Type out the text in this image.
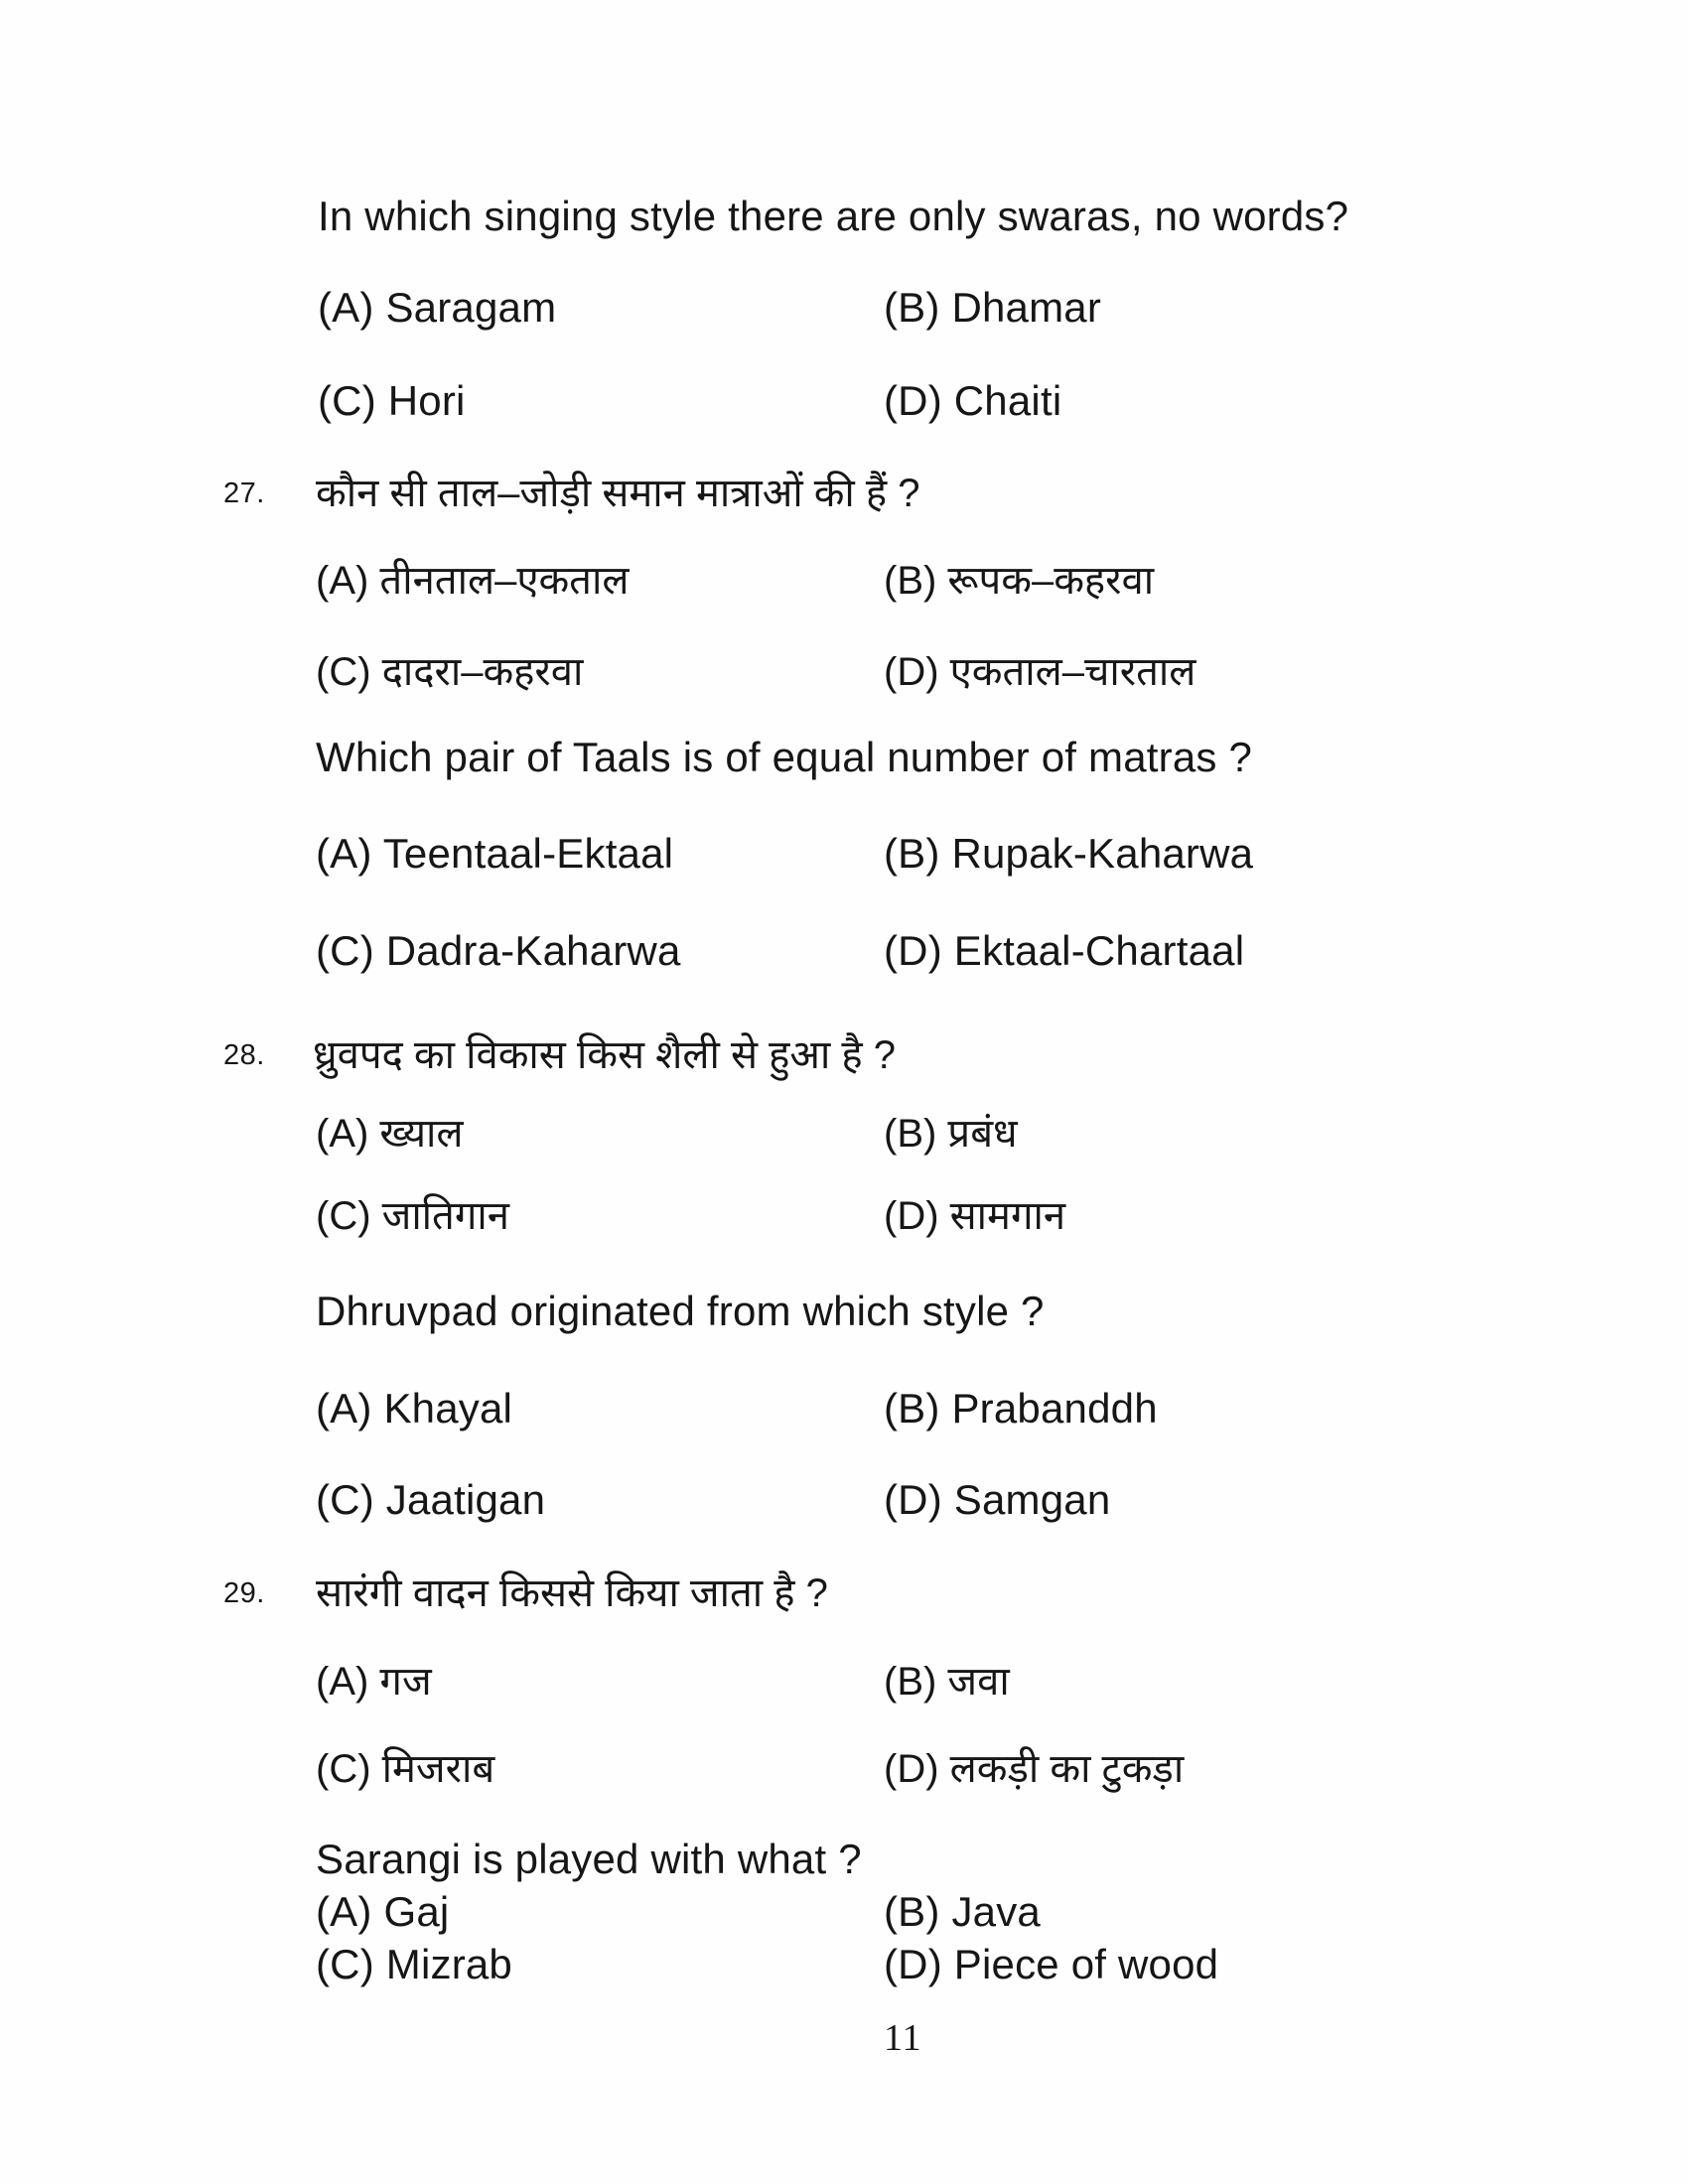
In which singing style there are only swaras, no words?
(A) Saragam	(B) Dhamar
(C) Hori	(D) Chaiti
27. कौन सी ताल–जोड़ी समान मात्राओं की हैं ?
(A) तीनताल–एकताल	(B) रूपक–कहरवा
(C) दादरा–कहरवा	(D) एकताल–चारताल
Which pair of Taals is of equal number of matras ?
(A) Teentaal-Ektaal	(B) Rupak-Kaharwa
(C) Dadra-Kaharwa	(D) Ektaal-Chartaal
28. ध्रुवपद का विकास किस शैली से हुआ है ?
(A) ख्याल	(B) प्रबंध
(C) जातिगान	(D) सामगान
Dhruvpad originated from which style ?
(A) Khayal	(B) Prabanddh
(C) Jaatigan	(D) Samgan
29. सारंगी वादन किससे किया जाता है ?
(A) गज	(B) जवा
(C) मिजराब	(D) लकड़ी का टुकड़ा
Sarangi is played with what ?
(A) Gaj	(B) Java
(C) Mizrab	(D) Piece of wood
11
